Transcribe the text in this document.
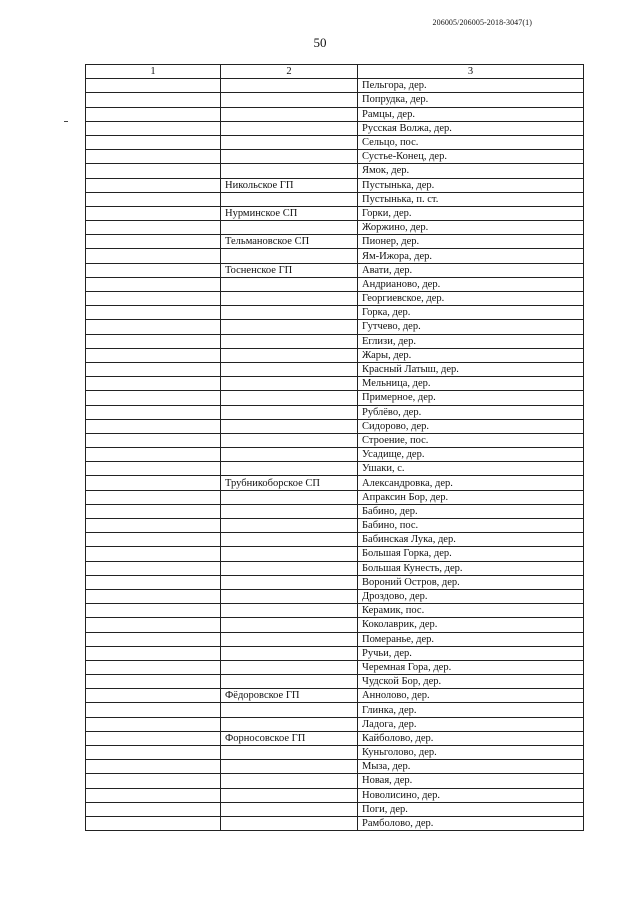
206005/206005-2018-3047(1)
50
1	2	3
		Пельгора, дер.
		Попрудка, дер.
		Рамцы, дер.
		Русская Волжа, дер.
		Сельцо, пос.
		Сустье-Конец, дер.
		Ямок, дер.
	Никольское ГП	Пустынька, дер.
		Пустынька, п. ст.
	Нурминское СП	Горки, дер.
		Жоржино, дер.
	Тельмановское СП	Пионер, дер.
		Ям-Ижора, дер.
	Тосненское ГП	Авати, дер.
		Андрианово, дер.
		Георгиевское, дер.
		Горка, дер.
		Гутчево, дер.
		Еглизи, дер.
		Жары, дер.
		Красный Латыш, дер.
		Мельница, дер.
		Примерное, дер.
		Рублёво, дер.
		Сидорово, дер.
		Строение, пос.
		Усадище, дер.
		Ушаки, с.
	Трубникоборское СП	Александровка, дер.
		Апраксин Бор, дер.
		Бабино, дер.
		Бабино, пос.
		Бабинская Лука, дер.
		Большая Горка, дер.
		Большая Кунесть, дер.
		Вороний Остров, дер.
		Дроздово, дер.
		Керамик, пос.
		Коколаврик, дер.
		Померанье, дер.
		Ручьи, дер.
		Черемная Гора, дер.
		Чудской Бор, дер.
	Фёдоровское ГП	Аннолово, дер.
		Глинка, дер.
		Ладога, дер.
	Форносовское ГП	Кайболово, дер.
		Куньголово, дер.
		Мыза, дер.
		Новая, дер.
		Новолисино, дер.
		Поги, дер.
		Рамболово, дер.
